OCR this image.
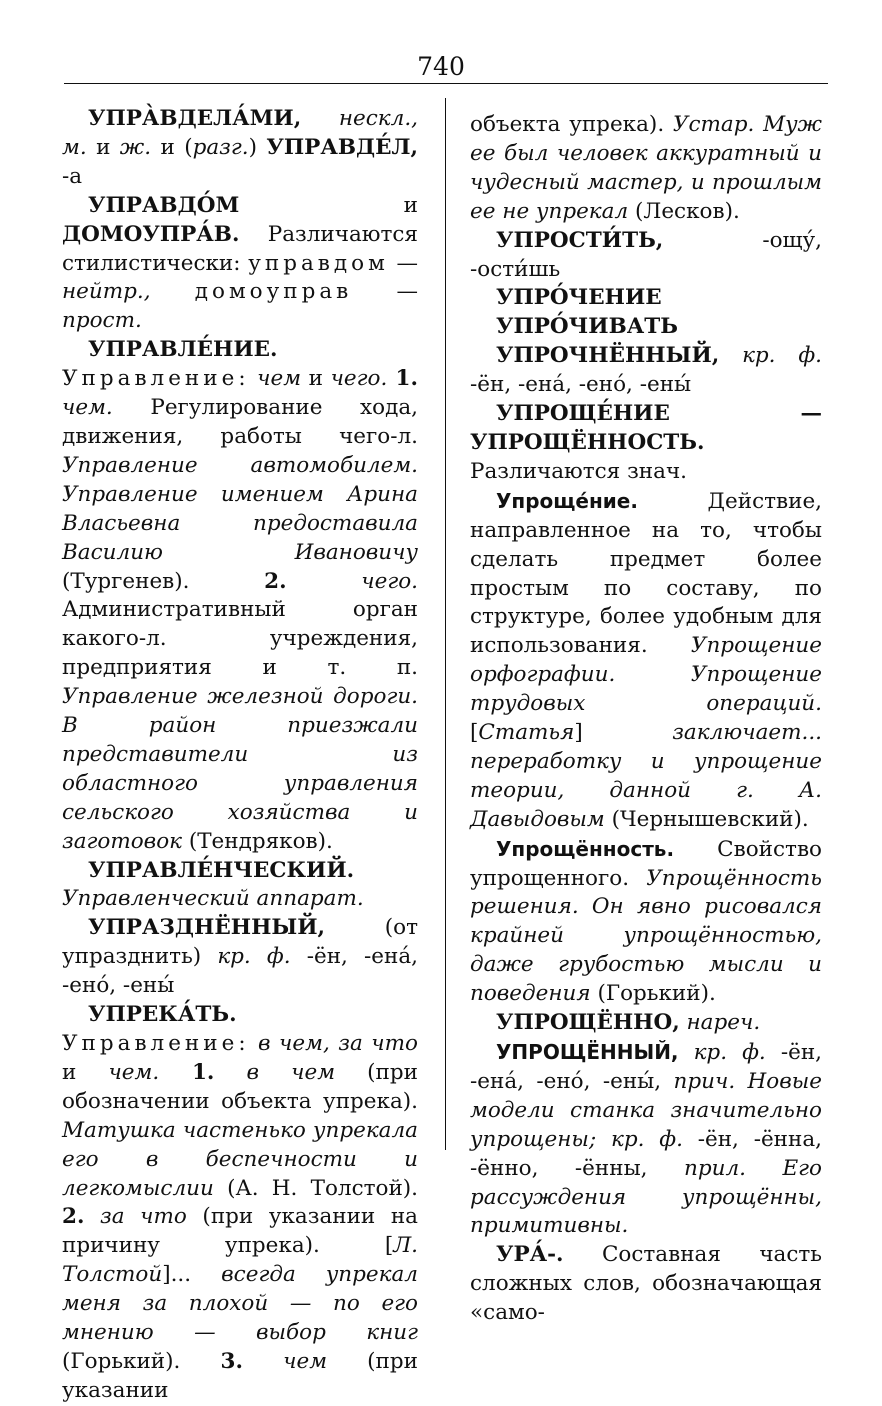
740

УПРА̀ВДЕЛА́МИ, нескл., м. и ж. и (разг.) УПРАВДЕ́Л, -а

УПРАВДО́М и ДОМОУПРА́В. Различаются стилистически: управдом — нейтр., домоуправ — прост.

УПРАВЛЕ́НИЕ. Управление: чем и чего. 1. чем. Регулирование хода, движения, работы чего-л. Управление автомобилем. Управление имением Арина Власьевна предоставила Василию Ивановичу (Тургенев). 2. чего. Административный орган какого-л. учреждения, предприятия и т. п. Управление железной дороги. В район приезжали представители из областного управления сельского хозяйства и заготовок (Тендряков).

УПРАВЛЕ́НЧЕСКИЙ. Управленческий аппарат.

УПРАЗДНЁННЫЙ, (от упразднить) кр. ф. -ён, -ена́, -ено́, -ены́

УПРЕКА́ТЬ. Управление: в чем, за что и чем. 1. в чем (при обозначении объекта упрека). Матушка частенько упрекала его в беспечности и легкомыслии (А. Н. Толстой). 2. за что (при указании на причину упрека). [Л. Толстой]... всегда упрекал меня за плохой — по его мнению — выбор книг (Горький). 3. чем (при указании

объекта упрека). Устар. Муж ее был человек аккуратный и чудесный мастер, и прошлым ее не упрекал (Лесков).

УПРОСТИ́ТЬ, -ощу́, -ости́шь

УПРО́ЧЕНИЕ

УПРО́ЧИВАТЬ

УПРОЧНЁННЫЙ, кр. ф. -ён, -ена́, -ено́, -ены́

УПРОЩЕ́НИЕ — УПРОЩЁННОСТЬ. Различаются знач.

Упроще́ние. Действие, направленное на то, чтобы сделать предмет более простым по составу, по структуре, более удобным для использования. Упрощение орфографии. Упрощение трудовых операций. [Статья] заключает... переработку и упрощение теории, данной г. А. Давыдовым (Чернышевский).

Упрощённость. Свойство упрощенного. Упрощённость решения. Он явно рисовался крайней упрощённостью, даже грубостью мысли и поведения (Горький).

УПРОЩЁННО, нареч.

УПРОЩЁННЫЙ, кр. ф. -ён, -ена́, -ено́, -ены́, прич. Новые модели станка значительно упрощены; кр. ф. -ён, -ённа, -ённо, -ённы, прил. Его рассуждения упрощённы, примитивны.

УРА́-. Составная часть сложных слов, обозначающая «само-
